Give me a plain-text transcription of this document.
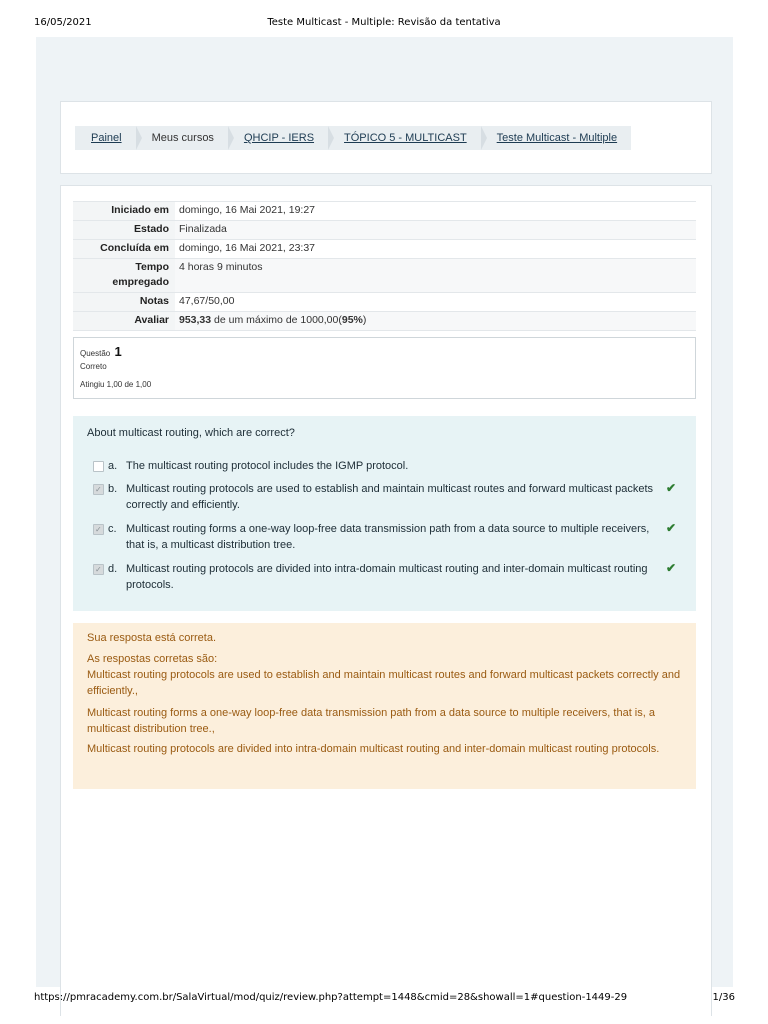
16/05/2021	Teste Multicast - Multiple: Revisão da tentativa
Painel	Meus cursos	QHCIP - IERS	TÓPICO 5 - MULTICAST	Teste Multicast - Multiple
Iniciado em	domingo, 16 Mai 2021, 19:27
Estado	Finalizada
Concluída em	domingo, 16 Mai 2021, 23:37
Tempo
empregado	4 horas 9 minutos
Notas	47,67/50,00
Avaliar	953,33 de um máximo de 1000,00(95%)
Questão 1
Correto
Atingiu 1,00 de 1,00
About multicast routing, which are correct?
a. The multicast routing protocol includes the IGMP protocol.
✓
b. Multicast routing protocols are used to establish and maintain multicast routes and forward multicast packets correctly and efficiently.
✔
✓
c. Multicast routing forms a one-way loop-free data transmission path from a data source to multiple receivers, that is, a multicast distribution tree.
✔
✓
d. Multicast routing protocols are divided into intra-domain multicast routing and inter-domain multicast routing protocols.
✔

Sua resposta está correta.

As respostas corretas são:

Multicast routing protocols are used to establish and maintain multicast routes and forward multicast packets correctly and efficiently.,

Multicast routing forms a one-way loop-free data transmission path from a data source to multiple receivers, that is, a multicast distribution tree.,

Multicast routing protocols are divided into intra-domain multicast routing and inter-domain multicast routing protocols.

https://pmracademy.com.br/SalaVirtual/mod/quiz/review.php?attempt=1448&cmid=28&showall=1#question-1449-29	1/36
